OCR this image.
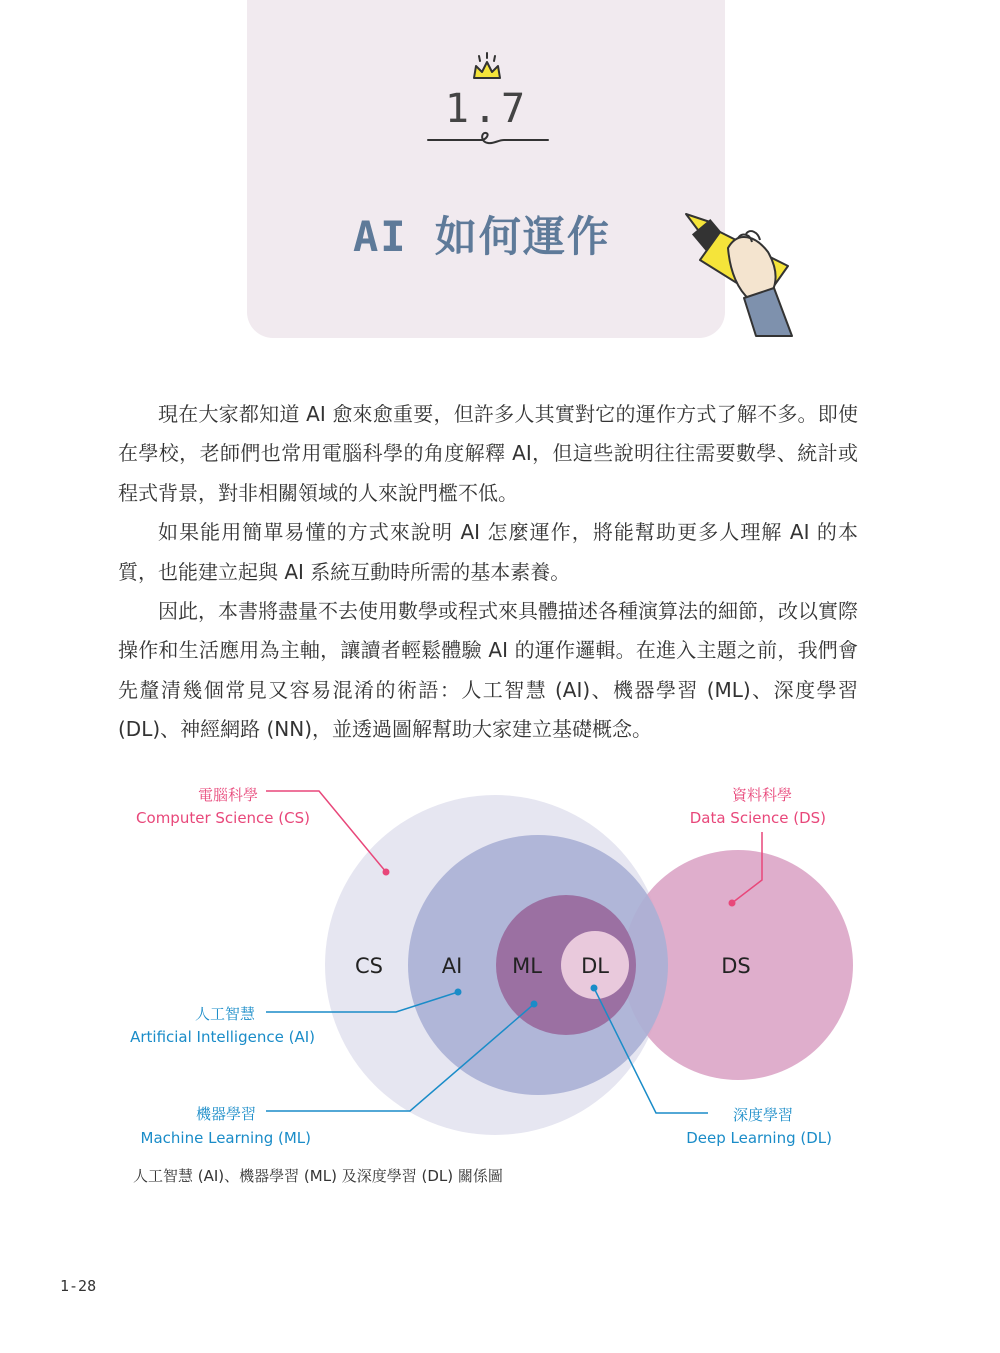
1.7
AI 如何運作

現在大家都知道 AI 愈來愈重要，但許多人其實對它的運作方式了解不多。即使在學校，老師們也常用電腦科學的角度解釋 AI，但這些說明往往需要數學、統計或程式背景，對非相關領域的人來說門檻不低。

如果能用簡單易懂的方式來說明 AI 怎麼運作，將能幫助更多人理解 AI 的本質，也能建立起與 AI 系統互動時所需的基本素養。

因此，本書將盡量不去使用數學或程式來具體描述各種演算法的細節，改以實際操作和生活應用為主軸，讓讀者輕鬆體驗 AI 的運作邏輯。在進入主題之前，我們會先釐清幾個常見又容易混淆的術語：人工智慧 (AI)、機器學習 (ML)、深度學習 (DL)、神經網路 (NN)，並透過圖解幫助大家建立基礎概念。

CS	AI ML DL	DS
電腦科學
Computer Science (CS)
資料科學
Data Science (DS)
人工智慧
Artificial Intelligence (AI)
機器學習
Machine Learning (ML)
深度學習
Deep Learning (DL)
人工智慧 (AI)、機器學習 (ML) 及深度學習 (DL) 關係圖
1-28
